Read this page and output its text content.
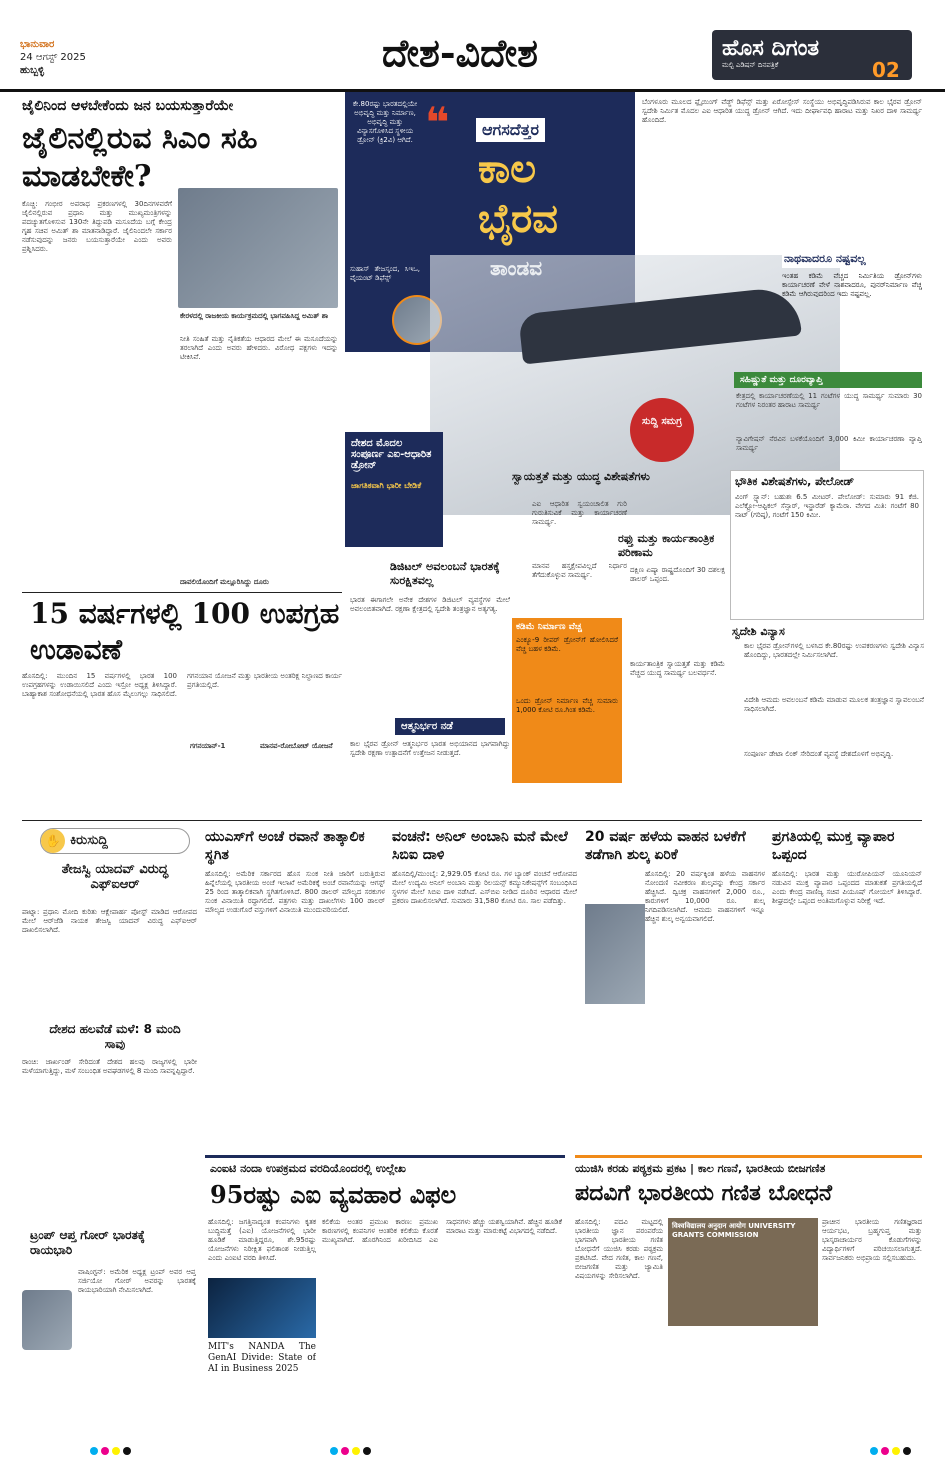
ಭಾನುವಾರ
24 ಆಗಸ್ಟ್ 2025
ಹುಬ್ಬಳ್ಳಿ	ದೇಶ-ವಿದೇಶ	ಹೊಸ ದಿಗಂತ
ಮಲ್ಟಿ ಎಡಿಷನ್ ದಿನಪತ್ರಿಕೆ	02
ಜೈಲಿನಿಂದ ಆಳಬೇಕೆಂದು ಜನ ಬಯಸುತ್ತಾರೆಯೇ
ಜೈಲಿನಲ್ಲಿರುವ ಸಿಎಂ ಸಹಿ ಮಾಡಬೇಕೇ?
ಕೊಚ್ಚಿ: ಗಂಭೀರ ಅಪರಾಧ ಪ್ರಕರಣಗಳಲ್ಲಿ 30ದಿನಗಳವರೆಗೆ ಜೈಲಿನಲ್ಲಿರುವ ಪ್ರಧಾನಿ ಮತ್ತು ಮುಖ್ಯಮಂತ್ರಿಗಳನ್ನು ಪದಚ್ಯುತಗೊಳಿಸುವ 130ನೇ ತಿದ್ದುಪಡಿ ಮಸೂದೆಯ ಬಗ್ಗೆ ಕೇಂದ್ರ ಗೃಹ ಸಚಿವ ಅಮಿತ್ ಶಾ ಮಾತನಾಡಿದ್ದಾರೆ. ಜೈಲಿನಿಂದಲೇ ಸರ್ಕಾರ ನಡೆಸುವುದನ್ನು ಜನರು ಬಯಸುತ್ತಾರೆಯೇ ಎಂದು ಅವರು ಪ್ರಶ್ನಿಸಿದರು.
ಕೇರಳದಲ್ಲಿ ರಾಜಕೀಯ ಕಾರ್ಯಕ್ರಮದಲ್ಲಿ ಭಾಗವಹಿಸಿದ್ದ ಅಮಿತ್ ಶಾ
ನೀತಿ ಸಂಹಿತೆ ಮತ್ತು ನೈತಿಕತೆಯ ಆಧಾರದ ಮೇಲೆ ಈ ಮಸೂದೆಯನ್ನು ತರಲಾಗಿದೆ ಎಂದು ಅವರು ಹೇಳಿದರು. ವಿರೋಧ ಪಕ್ಷಗಳು ಇದನ್ನು ಟೀಕಿಸಿವೆ.
ದಾವಲಿಯೊಂದಿಗೆ ಮಲ್ಲೂರಿಸಿದ್ದು ದೂರು
15 ವರ್ಷಗಳಲ್ಲಿ 100 ಉಪಗ್ರಹ ಉಡಾವಣೆ
ಹೊಸದಿಲ್ಲಿ: ಮುಂದಿನ 15 ವರ್ಷಗಳಲ್ಲಿ ಭಾರತ 100 ಉಪಗ್ರಹಗಳನ್ನು ಉಡಾಯಿಸಲಿದೆ ಎಂದು ಇಸ್ರೋ ಅಧ್ಯಕ್ಷ ತಿಳಿಸಿದ್ದಾರೆ. ಬಾಹ್ಯಾಕಾಶ ಸಂಶೋಧನೆಯಲ್ಲಿ ಭಾರತ ಹೊಸ ಮೈಲುಗಲ್ಲು ಸಾಧಿಸಲಿದೆ. ಗಗನಯಾನ ಯೋಜನೆ ಮತ್ತು ಭಾರತೀಯ ಅಂತರಿಕ್ಷ ನಿಲ್ದಾಣದ ಕಾರ್ಯ ಪ್ರಗತಿಯಲ್ಲಿದೆ.
ಗಗನಯಾನ್-1	ಮಾನವ-ರೋಬೋಟ್ ಯೋಜನೆ
❝
ಕೇ.80ರಷ್ಟು ಭಾರತದಲ್ಲಿಯೇ ಅಭಿವೃದ್ಧಿ ಮತ್ತು ನಿರ್ಮಾಣ, ಅಭಿವೃದ್ಧಿ ಮತ್ತು ವಿನ್ಯಾಸಗೊಳಿಸಿದ ಸ್ಥಳೀಯ ಡ್ರೋನ್ (ಕ್ರಿ2ವಿ) ಆಗಿದೆ.
ಸುಹಾಸ್ ತೇಜಸ್ಕಂದ, ಸಿಇಒ, ವೈಯಂಟ್ ಡಿಫೆನ್ಸ್
ಆಗಸದೆತ್ತರ
ಕಾಲ
ಭೈರವ
ಬೆಂಗಳೂರು ಮೂಲದ ಫ್ಲೈಯಿಂಗ್ ವೆಡ್ಜ್ ಡಿಫೆನ್ಸ್ ಮತ್ತು ಏರೋಸ್ಪೇಸ್ ಸಂಸ್ಥೆಯು ಅಭಿವೃದ್ಧಿಪಡಿಸಿರುವ ಕಾಲ ಭೈರವ ಡ್ರೋನ್ ಸ್ವದೇಶಿ ನಿರ್ಮಿತ ಮೊದಲ ಎಐ ಆಧಾರಿತ ಯುದ್ಧ ಡ್ರೋನ್ ಆಗಿದೆ. ಇದು ದೀರ್ಘಾವಧಿ ಹಾರಾಟ ಮತ್ತು ನಿಖರ ದಾಳಿ ಸಾಮರ್ಥ್ಯ ಹೊಂದಿದೆ.
ಸುದ್ದಿ ಸಮಗ್ರ
ನಾಥವಾದರೂ ನಷ್ಟವಲ್ಲ
ಇಂತಹ ಕಡಿಮೆ ವೆಚ್ಚದ ನಿರ್ಮಿತಿಯ ಡ್ರೋನ್‌ಗಳು ಕಾರ್ಯಾಚರಣೆ ವೇಳೆ ನಾಶವಾದರೂ, ಪುನರ್‌ನಿರ್ಮಾಣ ವೆಚ್ಚ ಕಡಿಮೆ ಆಗಿರುವುದರಿಂದ ಇದು ನಷ್ಟವಲ್ಲ.
ಸಹಿಷ್ಣುತೆ ಮತ್ತು ದೂರವ್ಯಾಪ್ತಿ
ಕೇತ್ರದಲ್ಲಿ ಕಾರ್ಯಾಚರಣೆಯಲ್ಲಿ 11 ಗಂಟೆಗಳ ಯುದ್ಧ ಸಾಮರ್ಥ್ಯ ಸುಮಾರು 30 ಗಂಟೆಗಳ ನಿರಂತರ ಹಾರಾಟ ಸಾಮರ್ಥ್ಯ
ನ್ಯಾವಿಗೇಷನ್ ನೆರವಿನ ಬಳಕೆಯೊಂದಿಗೆ 3,000 ಕಿಮೀ ಕಾರ್ಯಾಚರಣಾ ವ್ಯಾಪ್ತಿ ಸಾಮರ್ಥ್ಯ
ಭೌತಿಕ ವಿಶೇಷತೆಗಳು, ಪೇಲೋಡ್
ವಿಂಗ್ ಸ್ಪ್ಯಾನ್: ಬಹುಶಃ 6.5 ಮೀಟರ್. ಪೇಲೋಡ್: ಸುಮಾರು 91 ಕೆಜಿ. ಎಲೆಕ್ಟ್ರೋ-ಆಪ್ಟಿಕಲ್ ಸೆನ್ಸಾರ್, ಇನ್ಫ್ರಾರೆಡ್ ಕ್ಯಾಮೆರಾ. ವೇಗದ ಮಿತಿ: ಗಂಟೆಗೆ 80 ನಾಟ್ (ಗರಿಷ್ಠ), ಗಂಟೆಗೆ 150 ಕಿಮೀ.
ಸ್ವದೇಶಿ ವಿನ್ಯಾಸ
ಕಾಲ ಭೈರವ ಡ್ರೋನ್‌ಗಳಲ್ಲಿ ಬಳಸಿದ ಕೇ.80ರಷ್ಟು ಉಪಕರಣಗಳು ಸ್ವದೇಶಿ ವಿನ್ಯಾಸ ಹೊಂದಿದ್ದು, ಭಾರತದಲ್ಲೇ ನಿರ್ಮಿಸಲಾಗಿದೆ.
ವಿದೇಶಿ ಆಮದು ಅವಲಂಬನೆ ಕಡಿಮೆ ಮಾಡುವ ಮೂಲಕ ತಂತ್ರಜ್ಞಾನ ಸ್ವಾವಲಂಬನೆ ಸಾಧಿಸಲಾಗಿದೆ.
ಸಂಪೂರ್ಣ ಡೇಟಾ ಲಿಂಕ್ ಸೇರಿದಂತೆ ವ್ಯವಸ್ಥೆ ದೇಶದೊಳಗೆ ಅಭಿವೃದ್ಧಿ.
ದೇಶದ ಮೊದಲ ಸಂಪೂರ್ಣ ಎಐ-ಆಧಾರಿತ ಡ್ರೋನ್
ಜಾಗತಿಕವಾಗಿ ಭಾರೀ ಬೇಡಿಕೆ
ಸ್ವಾಯತ್ತತೆ ಮತ್ತು ಯುದ್ಧ ವಿಶೇಷತೆಗಳು
ಎಐ ಆಧಾರಿತ ಸ್ವಯಂಚಾಲಿತ ಗುರಿ ಗುರುತಿಸುವಿಕೆ ಮತ್ತು ಕಾರ್ಯಾಚರಣೆ ಸಾಮರ್ಥ್ಯ.
ಮಾನವ ಹಸ್ತಕ್ಷೇಪವಿಲ್ಲದೆ ನಿರ್ಧಾರ ತೆಗೆದುಕೊಳ್ಳುವ ಸಾಮರ್ಥ್ಯ.
ರಫ್ತು ಮತ್ತು ಕಾರ್ಯತಾಂತ್ರಿಕ ಪರಿಣಾಮ
ದಕ್ಷಿಣ ಏಷ್ಯಾ ರಾಷ್ಟ್ರದೊಂದಿಗೆ 30 ದಶಲಕ್ಷ ಡಾಲರ್ ಒಪ್ಪಂದ.
ಕಾರ್ಯತಾಂತ್ರಿಕ ಸ್ವಾಯತ್ತತೆ ಮತ್ತು ಕಡಿಮೆ ವೆಚ್ಚದ ಯುದ್ಧ ಸಾಮರ್ಥ್ಯ ಬಲವರ್ಧನೆ.
ಡಿಜಿಟಲ್ ಅವಲಂಬನೆ ಭಾರತಕ್ಕೆ ಸುರಕ್ಷಿತವಲ್ಲ
ಭಾರತ ಈಗಾಗಲೇ ಅನೇಕ ದೇಶಗಳ ಡಿಜಿಟಲ್ ವ್ಯವಸ್ಥೆಗಳ ಮೇಲೆ ಅವಲಂಬಿತವಾಗಿದೆ. ರಕ್ಷಣಾ ಕ್ಷೇತ್ರದಲ್ಲಿ ಸ್ವದೇಶಿ ತಂತ್ರಜ್ಞಾನ ಅತ್ಯಗತ್ಯ.
ಕಡಿಮೆ ನಿರ್ಮಾಣ ವೆಚ್ಚ
ಎಂಕ್ಯೂ-9 ರೀಪರ್ ಡ್ರೋನ್‌ಗೆ ಹೋಲಿಸಿದರೆ ವೆಚ್ಚ ಬಹಳ ಕಡಿಮೆ.
ಒಂದು ಡ್ರೋನ್ ನಿರ್ಮಾಣ ವೆಚ್ಚ ಸುಮಾರು 1,000 ಕೋಟಿ ರೂ.ಗಿಂತ ಕಡಿಮೆ.
ಆತ್ಮನಿರ್ಭರ ನಡೆ
ಕಾಲ ಭೈರವ ಡ್ರೋನ್ ಆತ್ಮನಿರ್ಭರ ಭಾರತ ಅಭಿಯಾನದ ಭಾಗವಾಗಿದ್ದು ಸ್ವದೇಶಿ ರಕ್ಷಣಾ ಉತ್ಪಾದನೆಗೆ ಉತ್ತೇಜನ ನೀಡುತ್ತದೆ.
✋ ಕಿರುಸುದ್ದಿ
ತೇಜಸ್ವಿ ಯಾದವ್ ವಿರುದ್ಧ ಎಫ್‌ಐಆರ್
ಪಾಟ್ನಾ: ಪ್ರಧಾನಿ ಮೋದಿ ಕುರಿತು ಆಕ್ಷೇಪಾರ್ಹ ಪೋಸ್ಟ್ ಮಾಡಿದ ಆರೋಪದ ಮೇಲೆ ಆರ್‌ಜೆಡಿ ನಾಯಕ ತೇಜಸ್ವಿ ಯಾದವ್ ವಿರುದ್ಧ ಎಫ್‌ಐಆರ್ ದಾಖಲಿಸಲಾಗಿದೆ.
ದೇಶದ ಹಲವೆಡೆ ಮಳೆ: 8 ಮಂದಿ ಸಾವು
ರಾಂಚಿ: ಜಾರ್ಖಂಡ್ ಸೇರಿದಂತೆ ದೇಶದ ಹಲವು ರಾಜ್ಯಗಳಲ್ಲಿ ಭಾರೀ ಮಳೆಯಾಗುತ್ತಿದ್ದು, ಮಳೆ ಸಂಬಂಧಿತ ಅವಘಡಗಳಲ್ಲಿ 8 ಮಂದಿ ಸಾವನ್ನಪ್ಪಿದ್ದಾರೆ.
ಟ್ರಂಪ್ ಆಪ್ತ ಗೋರ್ ಭಾರತಕ್ಕೆ ರಾಯಭಾರಿ
ವಾಷಿಂಗ್ಟನ್: ಅಮೆರಿಕ ಅಧ್ಯಕ್ಷ ಟ್ರಂಪ್ ಅವರ ಆಪ್ತ ಸರ್ಜಿಯೋ ಗೋರ್ ಅವರನ್ನು ಭಾರತಕ್ಕೆ ರಾಯಭಾರಿಯಾಗಿ ನೇಮಿಸಲಾಗಿದೆ.
ಯುಎಸ್‌ಗೆ ಅಂಚೆ ರವಾನೆ ತಾತ್ಕಾಲಿಕ ಸ್ಥಗಿತ
ಹೊಸದಿಲ್ಲಿ: ಅಮೆರಿಕ ಸರ್ಕಾರದ ಹೊಸ ಸುಂಕ ನೀತಿ ಜಾರಿಗೆ ಬರುತ್ತಿರುವ ಹಿನ್ನೆಲೆಯಲ್ಲಿ ಭಾರತೀಯ ಅಂಚೆ ಇಲಾಖೆ ಅಮೆರಿಕಕ್ಕೆ ಅಂಚೆ ರವಾನೆಯನ್ನು ಆಗಸ್ಟ್ 25 ರಿಂದ ತಾತ್ಕಾಲಿಕವಾಗಿ ಸ್ಥಗಿತಗೊಳಿಸಿದೆ. 800 ಡಾಲರ್ ಮೌಲ್ಯದ ಸರಕುಗಳ ಸುಂಕ ವಿನಾಯಿತಿ ರದ್ದಾಗಲಿದೆ. ಪತ್ರಗಳು ಮತ್ತು ದಾಖಲೆಗಳು 100 ಡಾಲರ್ ಮೌಲ್ಯದ ಉಡುಗೊರೆ ವಸ್ತುಗಳಿಗೆ ವಿನಾಯಿತಿ ಮುಂದುವರಿಯಲಿದೆ.
ವಂಚನೆ: ಅನಿಲ್ ಅಂಬಾನಿ ಮನೆ ಮೇಲೆ ಸಿಬಿಐ ದಾಳಿ
ಹೊಸದಿಲ್ಲಿ/ಮುಂಬೈ: 2,929.05 ಕೋಟಿ ರೂ. ಗಳ ಬ್ಯಾಂಕ್ ವಂಚನೆ ಆರೋಪದ ಮೇಲೆ ಉದ್ಯಮಿ ಅನಿಲ್ ಅಂಬಾನಿ ಮತ್ತು ರಿಲಯನ್ಸ್ ಕಮ್ಯುನಿಕೇಷನ್ಸ್‌ಗೆ ಸಂಬಂಧಿಸಿದ ಸ್ಥಳಗಳ ಮೇಲೆ ಸಿಬಿಐ ದಾಳಿ ನಡೆಸಿದೆ. ಎಸ್‌ಬಿಐ ನೀಡಿದ ದೂರಿನ ಆಧಾರದ ಮೇಲೆ ಪ್ರಕರಣ ದಾಖಲಿಸಲಾಗಿದೆ. ಸುಮಾರು 31,580 ಕೋಟಿ ರೂ. ಸಾಲ ಪಡೆದಿತ್ತು.
20 ವರ್ಷ ಹಳೆಯ ವಾಹನ ಬಳಕೆಗೆ ತಡೆಗಾಗಿ ಶುಲ್ಕ ಏರಿಕೆ
ಹೊಸದಿಲ್ಲಿ: 20 ವರ್ಷಕ್ಕಿಂತ ಹಳೆಯ ವಾಹನಗಳ ನೋಂದಣಿ ನವೀಕರಣ ಶುಲ್ಕವನ್ನು ಕೇಂದ್ರ ಸರ್ಕಾರ ಹೆಚ್ಚಿಸಿದೆ. ದ್ವಿಚಕ್ರ ವಾಹನಗಳಿಗೆ 2,000 ರೂ., ಕಾರುಗಳಿಗೆ 10,000 ರೂ. ಶುಲ್ಕ ನಿಗದಿಪಡಿಸಲಾಗಿದೆ. ಆಮದು ವಾಹನಗಳಿಗೆ ಇನ್ನೂ ಹೆಚ್ಚಿನ ಶುಲ್ಕ ಅನ್ವಯವಾಗಲಿದೆ.
ಪ್ರಗತಿಯಲ್ಲಿ ಮುಕ್ತ ವ್ಯಾಪಾರ ಒಪ್ಪಂದ
ಹೊಸದಿಲ್ಲಿ: ಭಾರತ ಮತ್ತು ಯುರೋಪಿಯನ್ ಯೂನಿಯನ್ ನಡುವಿನ ಮುಕ್ತ ವ್ಯಾಪಾರ ಒಪ್ಪಂದದ ಮಾತುಕತೆ ಪ್ರಗತಿಯಲ್ಲಿದೆ ಎಂದು ಕೇಂದ್ರ ವಾಣಿಜ್ಯ ಸಚಿವ ಪಿಯೂಷ್ ಗೋಯಲ್ ತಿಳಿಸಿದ್ದಾರೆ. ಶೀಘ್ರದಲ್ಲೇ ಒಪ್ಪಂದ ಅಂತಿಮಗೊಳ್ಳುವ ನಿರೀಕ್ಷೆ ಇದೆ.
ಎಂಐಟಿ ನಂದಾ ಉಪಕ್ರಮದ ವರದಿಯೊಂದರಲ್ಲಿ ಉಲ್ಲೇಖ
95ರಷ್ಟು ಎಐ ವ್ಯವಹಾರ ವಿಫಲ
ಹೊಸದಿಲ್ಲಿ: ಜಗತ್ತಿನಾದ್ಯಂತ ಕಂಪನಿಗಳು ಕೃತಕ ಬುದ್ಧಿಮತ್ತೆ (ಎಐ) ಯೋಜನೆಗಳಲ್ಲಿ ಭಾರೀ ಹೂಡಿಕೆ ಮಾಡುತ್ತಿದ್ದರೂ, ಶೇ.95ರಷ್ಟು ಯೋಜನೆಗಳು ನಿರೀಕ್ಷಿತ ಫಲಿತಾಂಶ ನೀಡುತ್ತಿಲ್ಲ ಎಂದು ಎಂಐಟಿ ವರದಿ ತಿಳಿಸಿದೆ.
MIT's NANDA The GenAI Divide: State of AI in Business 2025
ಕಲಿಕೆಯ ಅಂತರ ಪ್ರಮುಖ ಕಾರಣ: ಪ್ರಮುಖ ಕಾರಣಗಳಲ್ಲಿ ಕಂಪನಿಗಳ ಆಂತರಿಕ ಕಲಿಕೆಯ ಕೊರತೆ ಮುಖ್ಯವಾಗಿದೆ. ಹೊರಗಿನಿಂದ ಖರೀದಿಸಿದ ಎಐ ಸಾಧನಗಳು ಹೆಚ್ಚು ಯಶಸ್ವಿಯಾಗಿವೆ. ಹೆಚ್ಚಿನ ಹೂಡಿಕೆ ಮಾರಾಟ ಮತ್ತು ಮಾರುಕಟ್ಟೆ ವಿಭಾಗದಲ್ಲಿ ನಡೆದಿದೆ.
ಯುಜಿಸಿ ಕರಡು ಪಠ್ಯಕ್ರಮ ಪ್ರಕಟ | ಕಾಲ ಗಣನೆ, ಭಾರತೀಯ ಬೀಜಗಣಿತ
ಪದವಿಗೆ ಭಾರತೀಯ ಗಣಿತ ಬೋಧನೆ
ಹೊಸದಿಲ್ಲಿ: ಪದವಿ ಮಟ್ಟದಲ್ಲಿ ಭಾರತೀಯ ಜ್ಞಾನ ಪರಂಪರೆಯ ಭಾಗವಾಗಿ ಭಾರತೀಯ ಗಣಿತ ಬೋಧನೆಗೆ ಯುಜಿಸಿ ಕರಡು ಪಠ್ಯಕ್ರಮ ಪ್ರಕಟಿಸಿದೆ. ವೇದ ಗಣಿತ, ಕಾಲ ಗಣನೆ, ಬೀಜಗಣಿತ ಮತ್ತು ಜ್ಯಾಮಿತಿ ವಿಷಯಗಳನ್ನು ಸೇರಿಸಲಾಗಿದೆ.
विश्वविद्यालय अनुदान आयोग UNIVERSITY GRANTS COMMISSION
ಪ್ರಾಚೀನ ಭಾರತೀಯ ಗಣಿತಜ್ಞರಾದ ಆರ್ಯಭಟ, ಬ್ರಹ್ಮಗುಪ್ತ ಮತ್ತು ಭಾಸ್ಕರಾಚಾರ್ಯರ ಕೊಡುಗೆಗಳನ್ನು ವಿದ್ಯಾರ್ಥಿಗಳಿಗೆ ಪರಿಚಯಿಸಲಾಗುತ್ತದೆ. ಸಾರ್ವಜನಿಕರು ಅಭಿಪ್ರಾಯ ಸಲ್ಲಿಸಬಹುದು.
